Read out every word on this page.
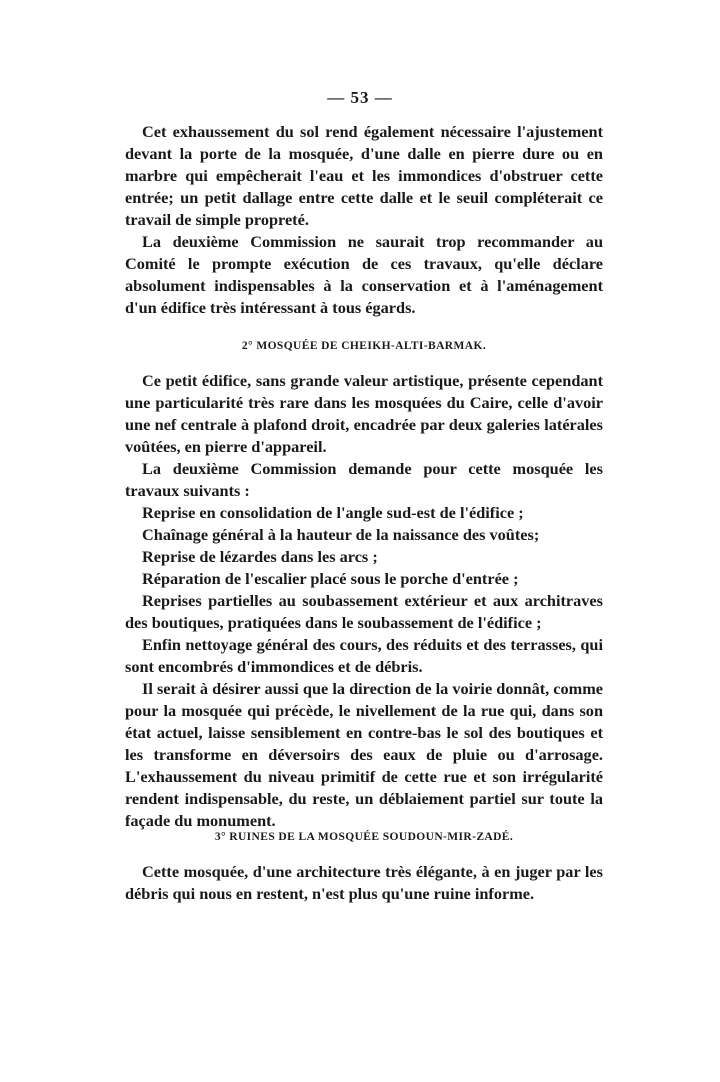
— 53 —

Cet exhaussement du sol rend également nécessaire l'ajustement devant la porte de la mosquée, d'une dalle en pierre dure ou en marbre qui empêcherait l'eau et les immondices d'obstruer cette entrée; un petit dallage entre cette dalle et le seuil compléterait ce travail de simple propreté.

La deuxième Commission ne saurait trop recommander au Comité le prompte exécution de ces travaux, qu'elle déclare absolument indispensables à la conservation et à l'aménagement d'un édifice très intéressant à tous égards.

2° MOSQUÉE DE CHEIKH-ALTI-BARMAK.

Ce petit édifice, sans grande valeur artistique, présente cependant une particularité très rare dans les mosquées du Caire, celle d'avoir une nef centrale à plafond droit, encadrée par deux galeries latérales voûtées, en pierre d'appareil.

La deuxième Commission demande pour cette mosquée les travaux suivants :

Reprise en consolidation de l'angle sud-est de l'édifice ;

Chaînage général à la hauteur de la naissance des voûtes;

Reprise de lézardes dans les arcs ;

Réparation de l'escalier placé sous le porche d'entrée ;

Reprises partielles au soubassement extérieur et aux architraves des boutiques, pratiquées dans le soubassement de l'édifice ;

Enfin nettoyage général des cours, des réduits et des terrasses, qui sont encombrés d'immondices et de débris.

Il serait à désirer aussi que la direction de la voirie donnât, comme pour la mosquée qui précède, le nivellement de la rue qui, dans son état actuel, laisse sensiblement en contre-bas le sol des boutiques et les transforme en déversoirs des eaux de pluie ou d'arrosage. L'exhaussement du niveau primitif de cette rue et son irrégularité rendent indispensable, du reste, un déblaiement partiel sur toute la façade du monument.

3° RUINES DE LA MOSQUÉE SOUDOUN-MIR-ZADÉ.

Cette mosquée, d'une architecture très élégante, à en juger par les débris qui nous en restent, n'est plus qu'une ruine informe.
